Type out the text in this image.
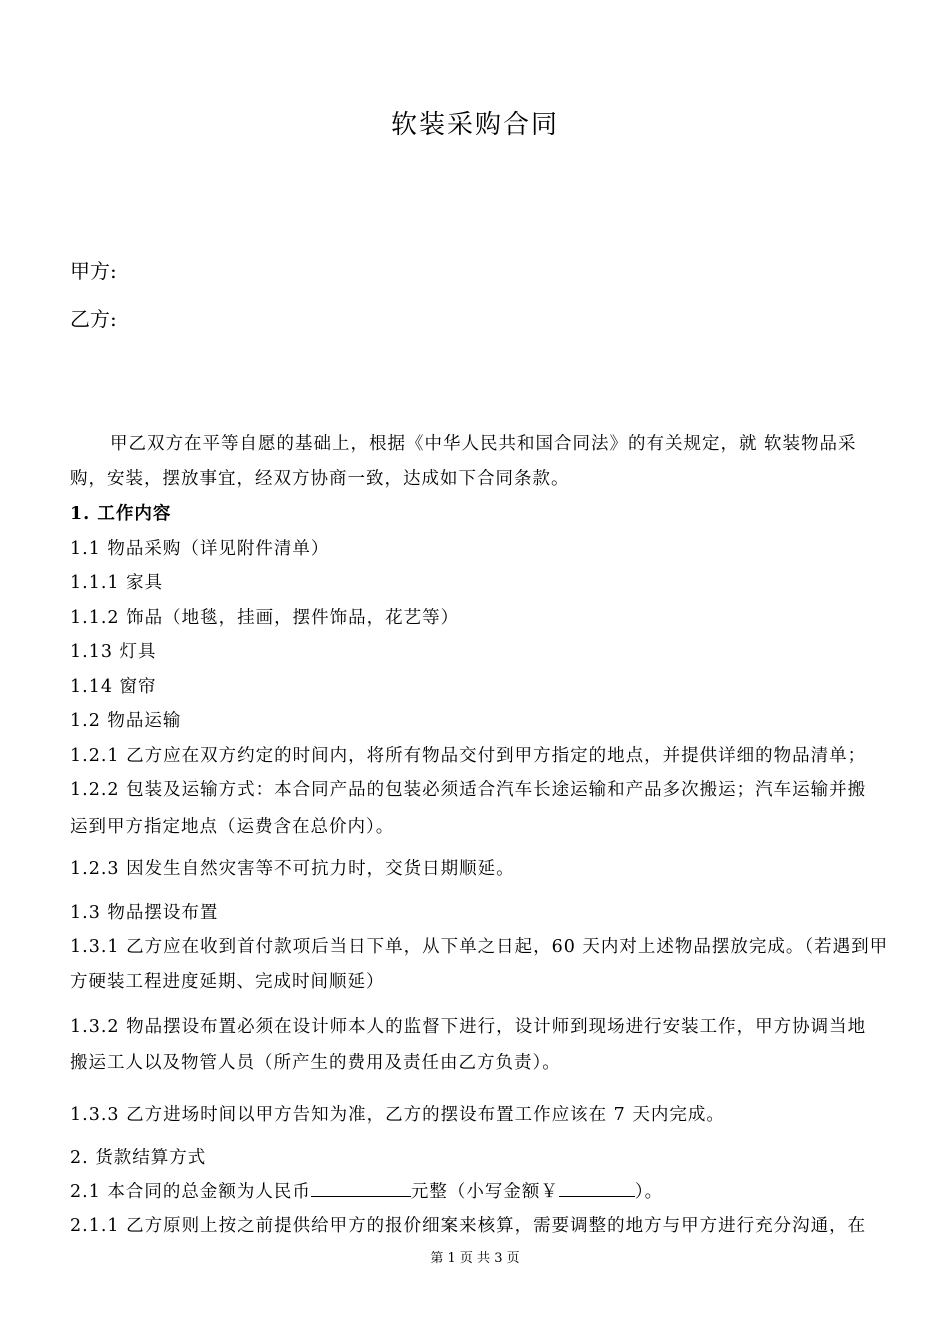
软装采购合同
甲方:
乙方:
甲乙双方在平等自愿的基础上，根据《中华人民共和国合同法》的有关规定，就 软装物品采
购，安装，摆放事宜，经双方协商一致，达成如下合同条款。
1. 工作内容
1.1 物品采购（详见附件清单）
1.1.1 家具
1.1.2 饰品（地毯，挂画，摆件饰品，花艺等）
1.13 灯具
1.14 窗帘
1.2 物品运输
1.2.1 乙方应在双方约定的时间内，将所有物品交付到甲方指定的地点，并提供详细的物品清单；
1.2.2 包装及运输方式：本合同产品的包装必须适合汽车长途运输和产品多次搬运；汽车运输并搬
运到甲方指定地点（运费含在总价内）。
1.2.3 因发生自然灾害等不可抗力时，交货日期顺延。
1.3 物品摆设布置
1.3.1 乙方应在收到首付款项后当日下单，从下单之日起，60 天内对上述物品摆放完成。（若遇到甲
方硬装工程进度延期、完成时间顺延）
1.3.2 物品摆设布置必须在设计师本人的监督下进行，设计师到现场进行安装工作，甲方协调当地
搬运工人以及物管人员（所产生的费用及责任由乙方负责）。
1.3.3 乙方进场时间以甲方告知为准，乙方的摆设布置工作应该在 7 天内完成。
2. 货款结算方式
2.1 本合同的总金额为人民币	元整（小写金额￥	）。
2.1.1 乙方原则上按之前提供给甲方的报价细案来核算，需要调整的地方与甲方进行充分沟通，在
第 1 页 共 3 页
